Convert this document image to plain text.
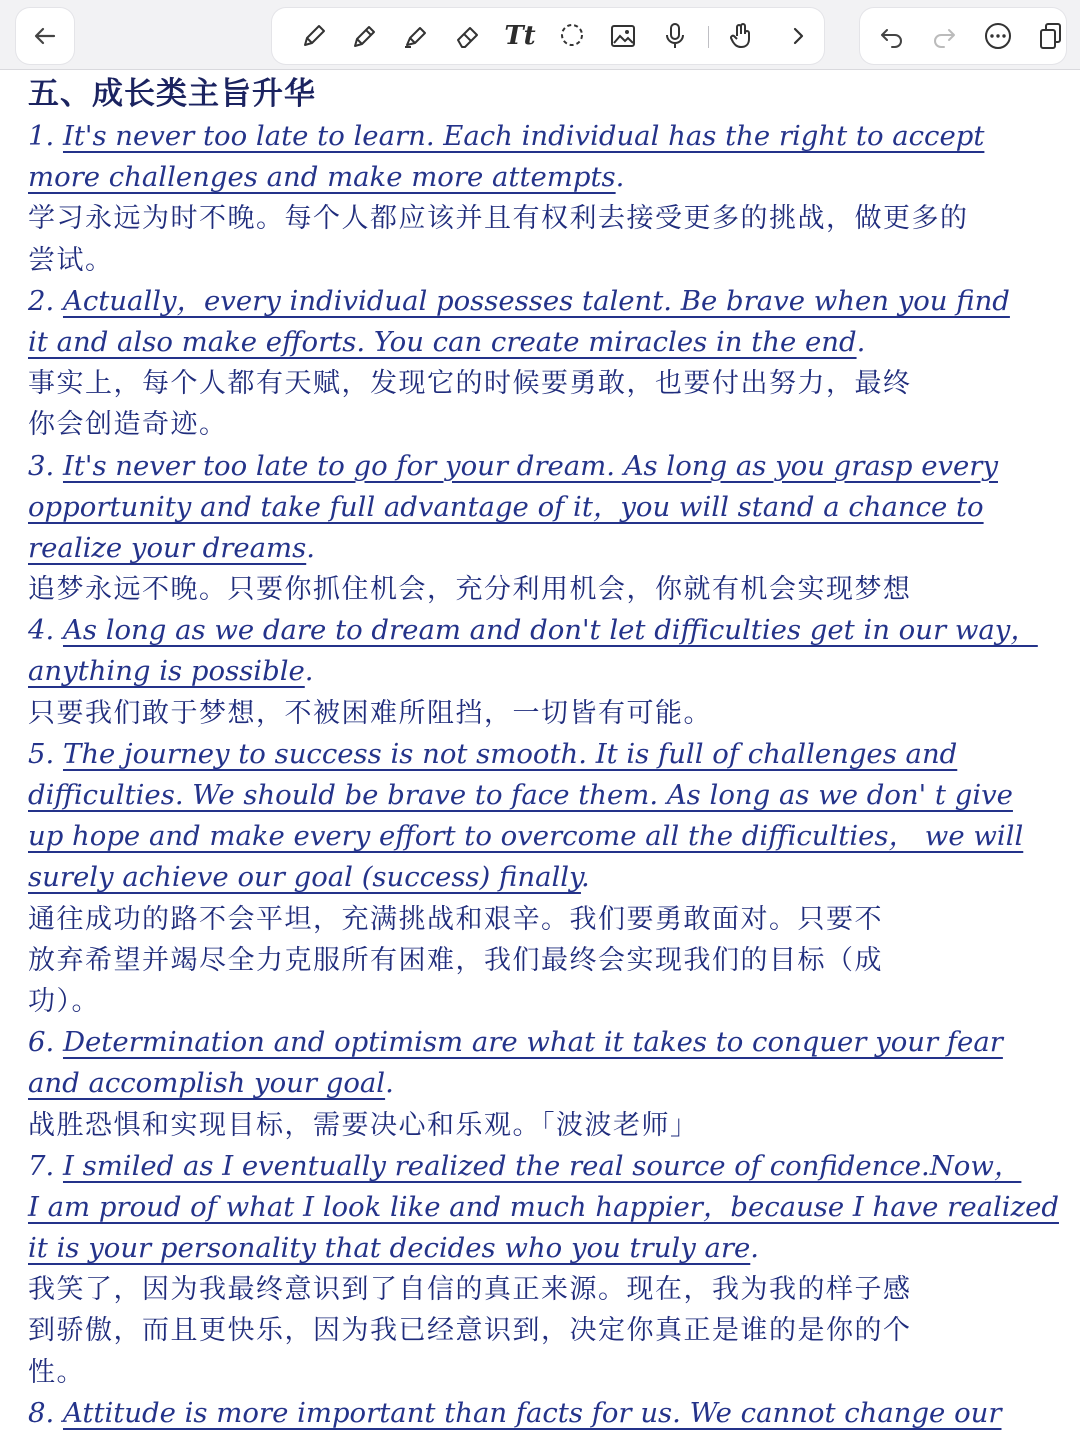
Tt
五、成长类主旨升华
1. It's never too late to learn. Each individual has the right to accept
more challenges and make more attempts.
学习永远为时不晚。每个人都应该并且有权利去接受更多的挑战，做更多的
尝试。
2. Actually，every individual possesses talent. Be brave when you find
it and also make efforts. You can create miracles in the end.
事实上，每个人都有天赋，发现它的时候要勇敢，也要付出努力，最终
你会创造奇迹。
3. It's never too late to go for your dream. As long as you grasp every
opportunity and take full advantage of it，you will stand a chance to
realize your dreams.
追梦永远不晚。只要你抓住机会，充分利用机会，你就有机会实现梦想
4. As long as we dare to dream and don't let difficulties get in our way，
anything is possible.
只要我们敢于梦想，不被困难所阻挡，一切皆有可能。
5. The journey to success is not smooth. It is full of challenges and
difficulties. We should be brave to face them. As long as we don' t give
up hope and make every effort to overcome all the difficulties， we will
surely achieve our goal (success) finally.
通往成功的路不会平坦，充满挑战和艰辛。我们要勇敢面对。只要不
放弃希望并竭尽全力克服所有困难，我们最终会实现我们的目标（成
功）。
6. Determination and optimism are what it takes to conquer your fear
and accomplish your goal.
战胜恐惧和实现目标，需要决心和乐观。「波波老师」
7. I smiled as I eventually realized the real source of confidence.Now，
I am proud of what I look like and much happier，because I have realized
it is your personality that decides who you truly are.
我笑了，因为我最终意识到了自信的真正来源。现在，我为我的样子感
到骄傲，而且更快乐，因为我已经意识到，决定你真正是谁的是你的个
性。
8. Attitude is more important than facts for us. We cannot change our
